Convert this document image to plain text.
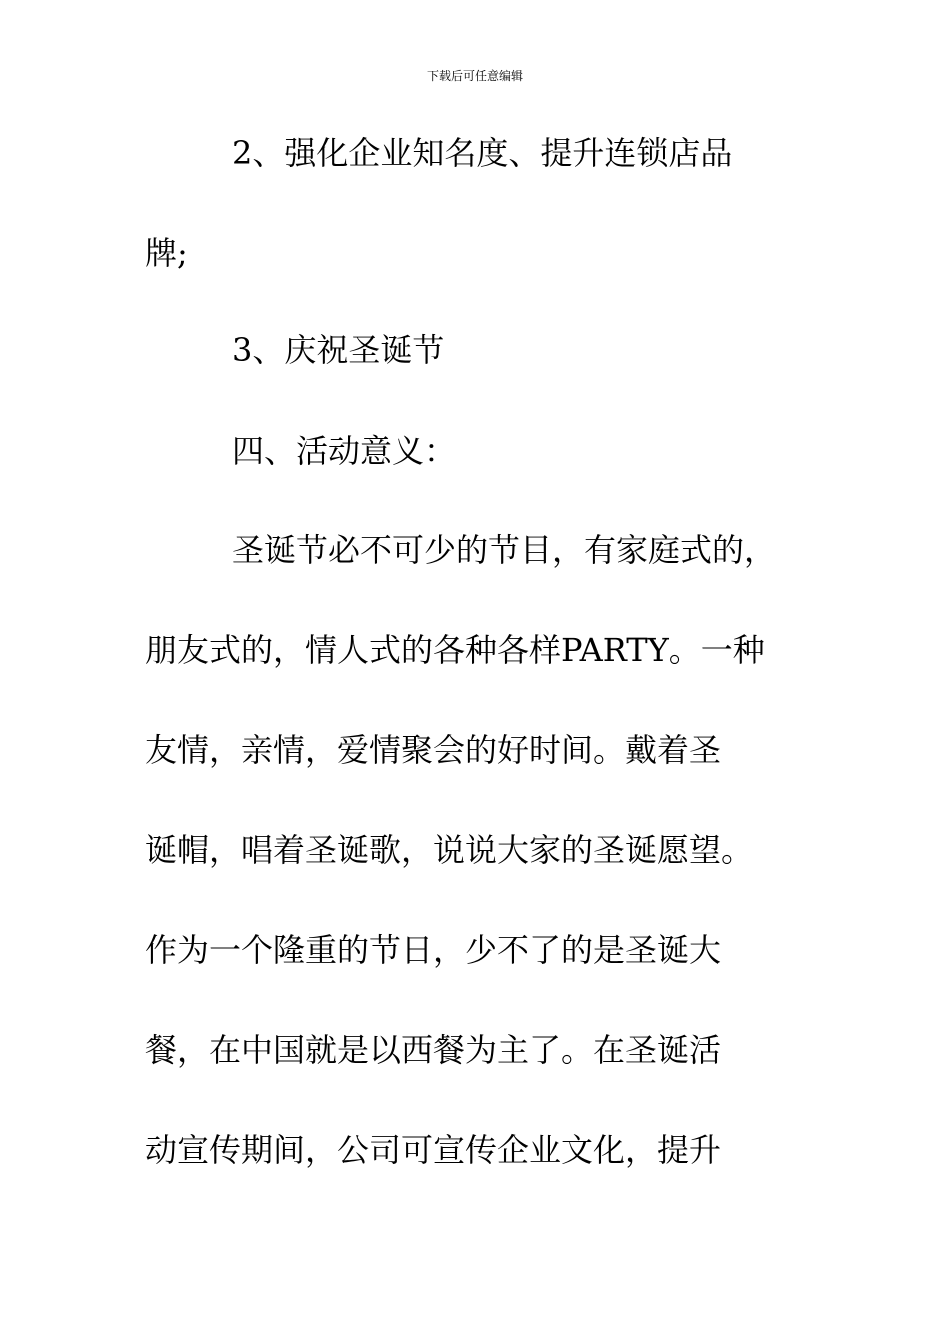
下载后可任意编辑
2、强化企业知名度、提升连锁店品
牌;
3、庆祝圣诞节
四、活动意义：
圣诞节必不可少的节目，有家庭式的，
朋友式的，情人式的各种各样PARTY。一种
友情，亲情，爱情聚会的好时间。戴着圣
诞帽，唱着圣诞歌，说说大家的圣诞愿望。
作为一个隆重的节日，少不了的是圣诞大
餐，在中国就是以西餐为主了。在圣诞活
动宣传期间，公司可宣传企业文化，提升
